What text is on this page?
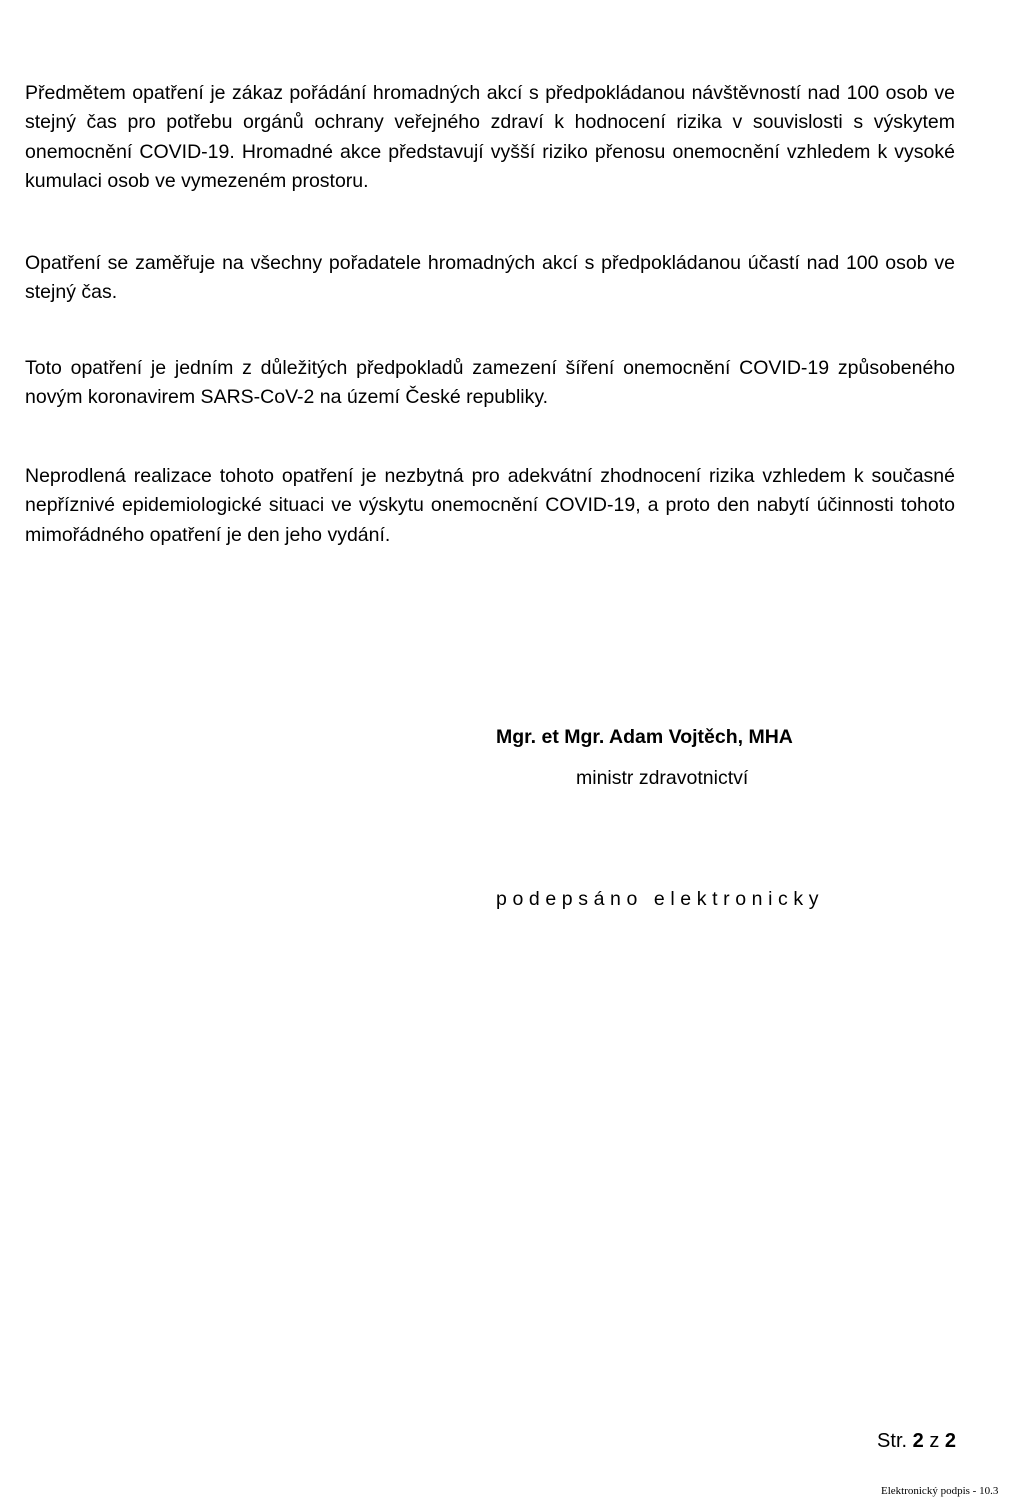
Předmětem opatření je zákaz pořádání hromadných akcí s předpokládanou návštěvností nad 100 osob ve stejný čas pro potřebu orgánů ochrany veřejného zdraví k hodnocení rizika v souvislosti s výskytem onemocnění COVID-19. Hromadné akce představují vyšší riziko přenosu onemocnění vzhledem k vysoké kumulaci osob ve vymezeném prostoru.

Opatření se zaměřuje na všechny pořadatele hromadných akcí s předpokládanou účastí nad 100 osob ve stejný čas.

Toto opatření je jedním z důležitých předpokladů zamezení šíření onemocnění COVID-19 způsobeného novým koronavirem SARS-CoV-2 na území České republiky.

Neprodlená realizace tohoto opatření je nezbytná pro adekvátní zhodnocení rizika vzhledem k současné nepříznivé epidemiologické situaci ve výskytu onemocnění COVID-19, a proto den nabytí účinnosti tohoto mimořádného opatření je den jeho vydání.

Mgr. et Mgr. Adam Vojtěch, MHA
ministr zdravotnictví
podepsáno elektronicky
Str. 2 z 2
Elektronický podpis - 10.3
